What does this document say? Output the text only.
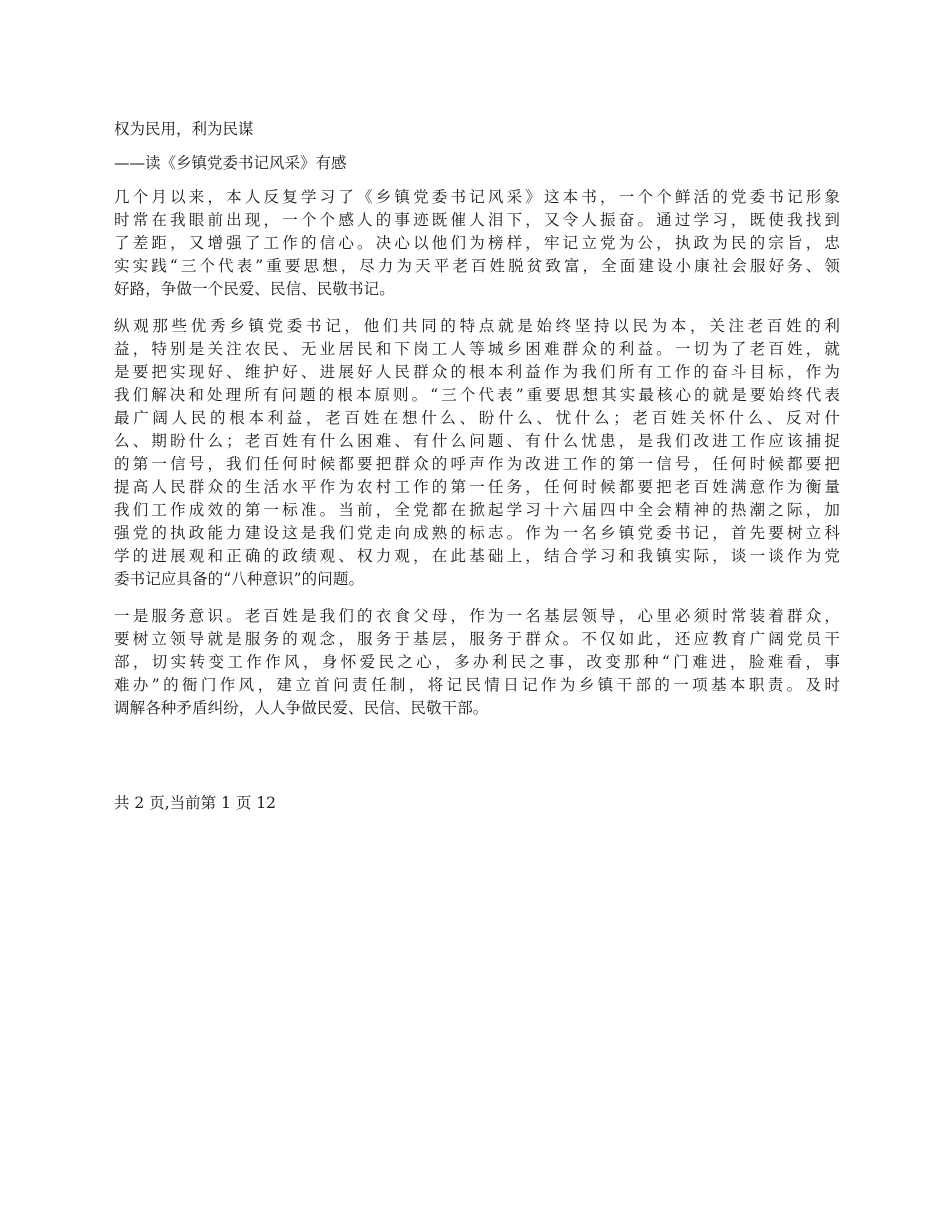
权为民用，利为民谋
——读《乡镇党委书记风采》有感
几个月以来，本人反复学习了《乡镇党委书记风采》这本书，一个个鲜活的党委书记形象
时常在我眼前出现，一个个感人的事迹既催人泪下，又令人振奋。通过学习，既使我找到
了差距，又增强了工作的信心。决心以他们为榜样，牢记立党为公，执政为民的宗旨，忠
实实践“三个代表”重要思想，尽力为天平老百姓脱贫致富，全面建设小康社会服好务、领
好路，争做一个民爱、民信、民敬书记。
纵观那些优秀乡镇党委书记，他们共同的特点就是始终坚持以民为本，关注老百姓的利
益，特别是关注农民、无业居民和下岗工人等城乡困难群众的利益。一切为了老百姓，就
是要把实现好、维护好、进展好人民群众的根本利益作为我们所有工作的奋斗目标，作为
我们解决和处理所有问题的根本原则。“三个代表”重要思想其实最核心的就是要始终代表
最广阔人民的根本利益，老百姓在想什么、盼什么、忧什么；老百姓关怀什么、反对什
么、期盼什么；老百姓有什么困难、有什么问题、有什么忧患，是我们改进工作应该捕捉
的第一信号，我们任何时候都要把群众的呼声作为改进工作的第一信号，任何时候都要把
提高人民群众的生活水平作为农村工作的第一任务，任何时候都要把老百姓满意作为衡量
我们工作成效的第一标准。当前，全党都在掀起学习十六届四中全会精神的热潮之际，加
强党的执政能力建设这是我们党走向成熟的标志。作为一名乡镇党委书记，首先要树立科
学的进展观和正确的政绩观、权力观，在此基础上，结合学习和我镇实际，谈一谈作为党
委书记应具备的“八种意识”的问题。
一是服务意识。老百姓是我们的衣食父母，作为一名基层领导，心里必须时常装着群众，
要树立领导就是服务的观念，服务于基层，服务于群众。不仅如此，还应教育广阔党员干
部，切实转变工作作风，身怀爱民之心，多办利民之事，改变那种“门难进，脸难看，事
难办”的衙门作风，建立首问责任制，将记民情日记作为乡镇干部的一项基本职责。及时
调解各种矛盾纠纷，人人争做民爱、民信、民敬干部。
共 2 页,当前第 1 页 12
